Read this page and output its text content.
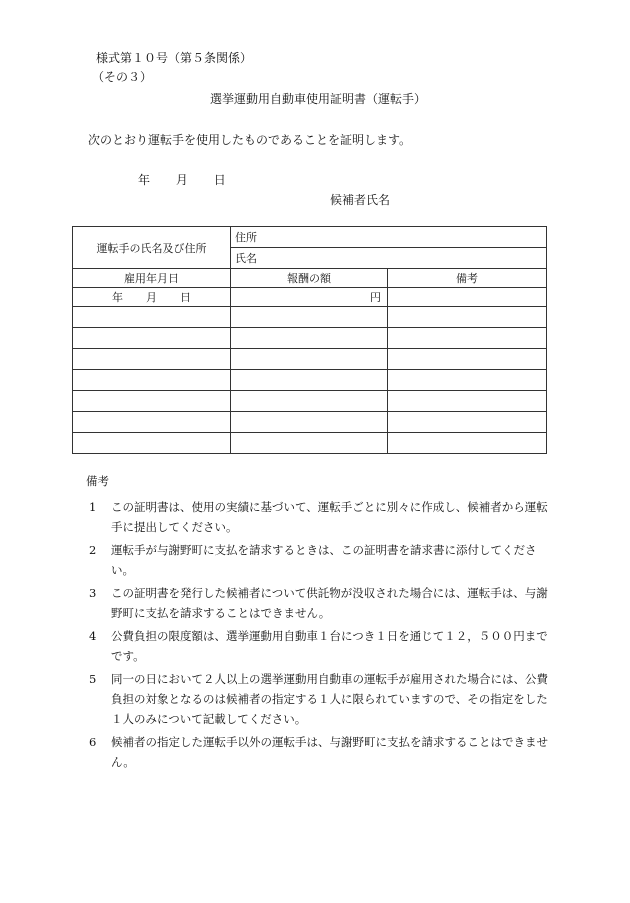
様式第１０号（第５条関係）
（その３）
選挙運動用自動車使用証明書（運転手）
次のとおり運転手を使用したものであることを証明します。
年 月 日
候補者氏名
運転手の氏名及び住所	住所	
	氏名	
雇用年月日	報酬の額	備考
年 月 日	円	

備考
1	この証明書は、使用の実績に基づいて、運転手ごとに別々に作成し、候補者から運転手に提出してください。
2	運転手が与謝野町に支払を請求するときは、この証明書を請求書に添付してください。
3	この証明書を発行した候補者について供託物が没収された場合には、運転手は、与謝野町に支払を請求することはできません。
4	公費負担の限度額は、選挙運動用自動車１台につき１日を通じて１２，５００円までです。
5	同一の日において２人以上の選挙運動用自動車の運転手が雇用された場合には、公費負担の対象となるのは候補者の指定する１人に限られていますので、その指定をした１人のみについて記載してください。
6	候補者の指定した運転手以外の運転手は、与謝野町に支払を請求することはできません。
